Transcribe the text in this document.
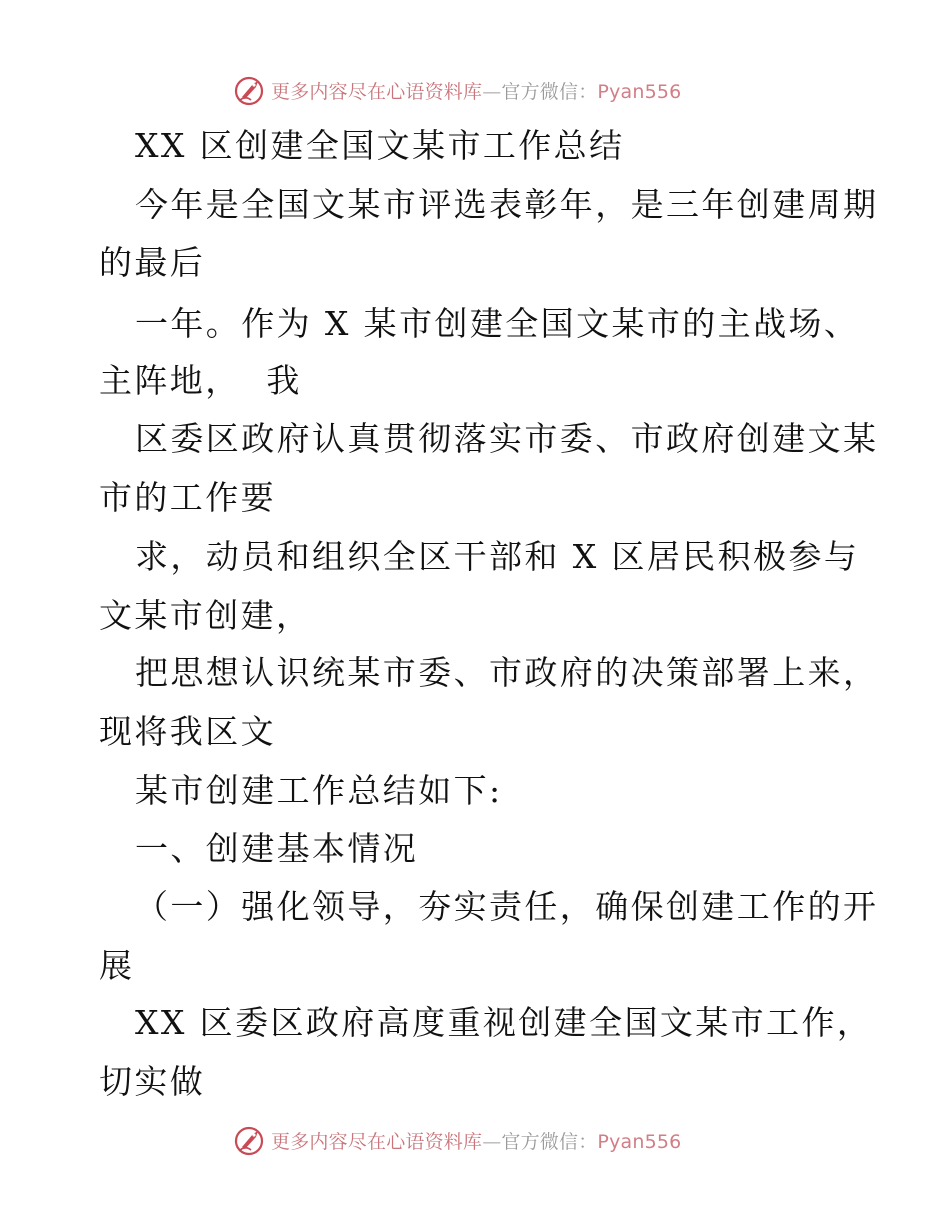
更多内容尽在心语资料库—官方微信：Pyan556
XX 区创建全国文某市工作总结
今年是全国文某市评选表彰年，是三年创建周期
的最后
一年。作为 X 某市创建全国文某市的主战场、
主阵地，  我
区委区政府认真贯彻落实市委、市政府创建文某
市的工作要
求，动员和组织全区干部和 X 区居民积极参与
文某市创建，
把思想认识统某市委、市政府的决策部署上来，
现将我区文
某市创建工作总结如下:
一、创建基本情况
（一）强化领导，夯实责任，确保创建工作的开
展
XX 区委区政府高度重视创建全国文某市工作，
切实做
更多内容尽在心语资料库—官方微信：Pyan556
